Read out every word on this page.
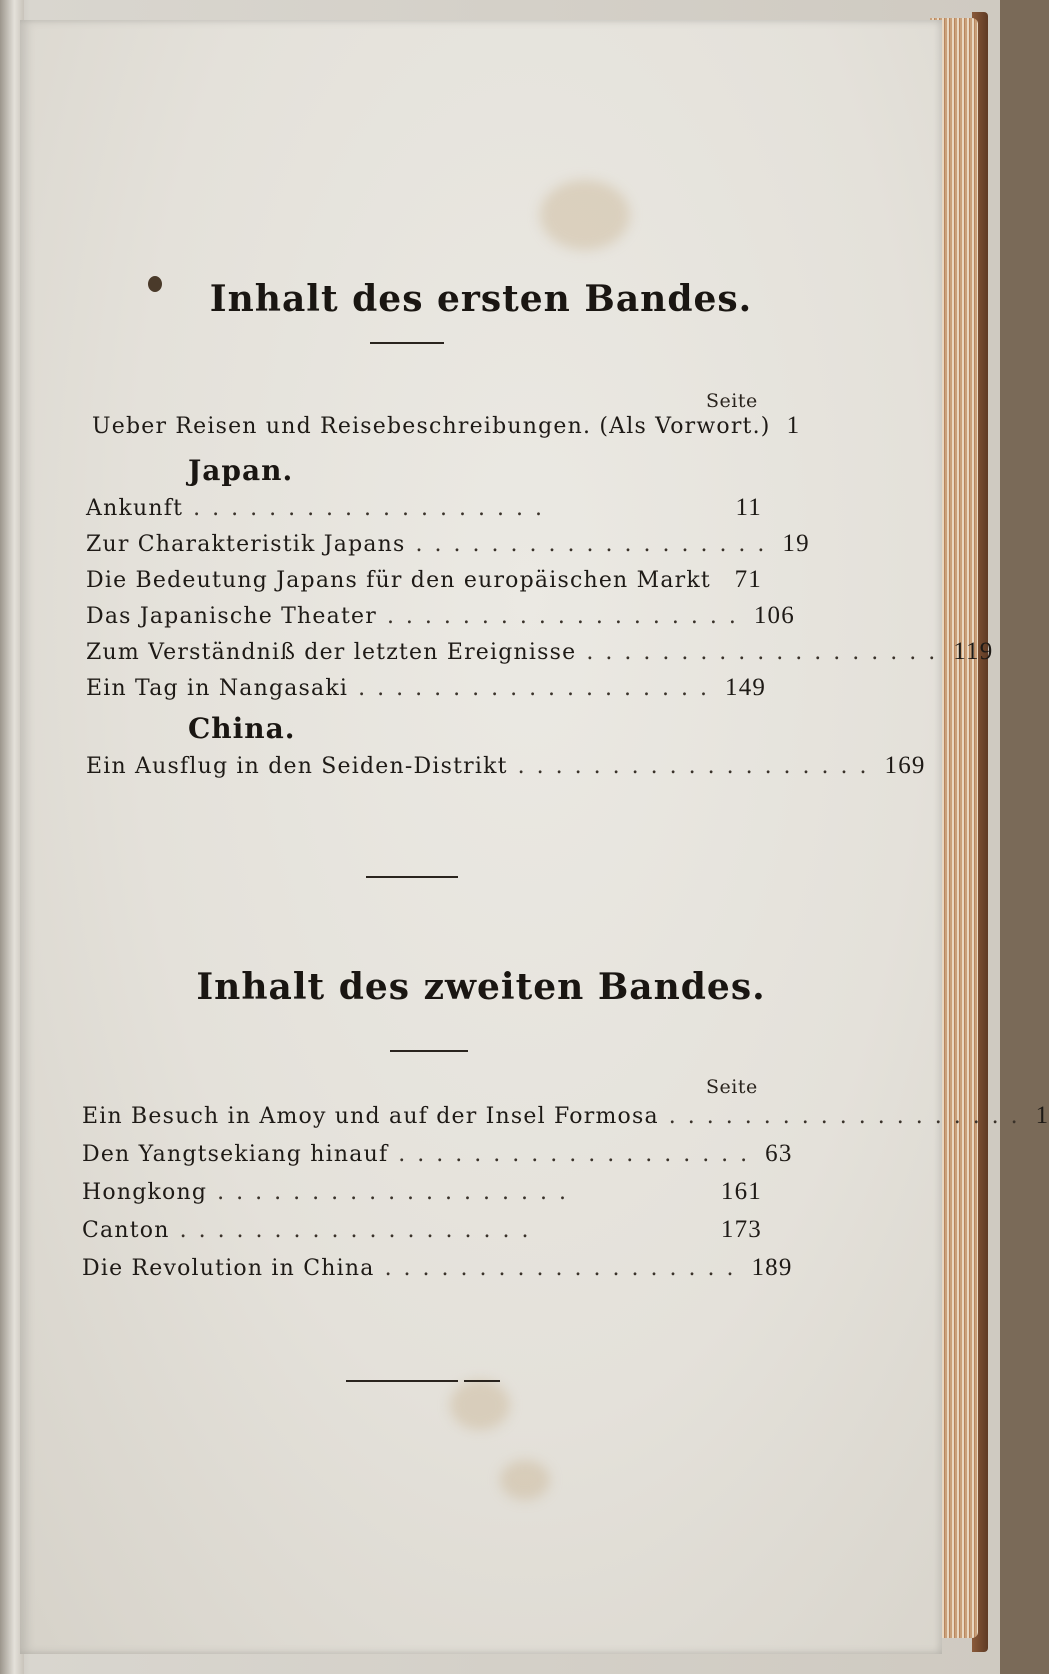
Inhalt des ersten Bandes.
Seite
Ueber Reisen und Reisebeschreibungen. (Als Vorwort.) 1
Japan.
Ankunft ...................	11
Zur Charakteristik Japans ................... 19
Die Bedeutung Japans für den europäischen Markt 71
Das Japanische Theater ................... 106
Zum Verständniß der letzten Ereignisse ................... 119
Ein Tag in Nangasaki ................... 149
China.
Ein Ausflug in den Seiden-Distrikt ................... 169
Inhalt des zweiten Bandes.
Seite
Ein Besuch in Amoy und auf der Insel Formosa ................... 1
Den Yangtsekiang hinauf ................... 63
Hongkong ...................	161
Canton ...................	173
Die Revolution in China ................... 189
